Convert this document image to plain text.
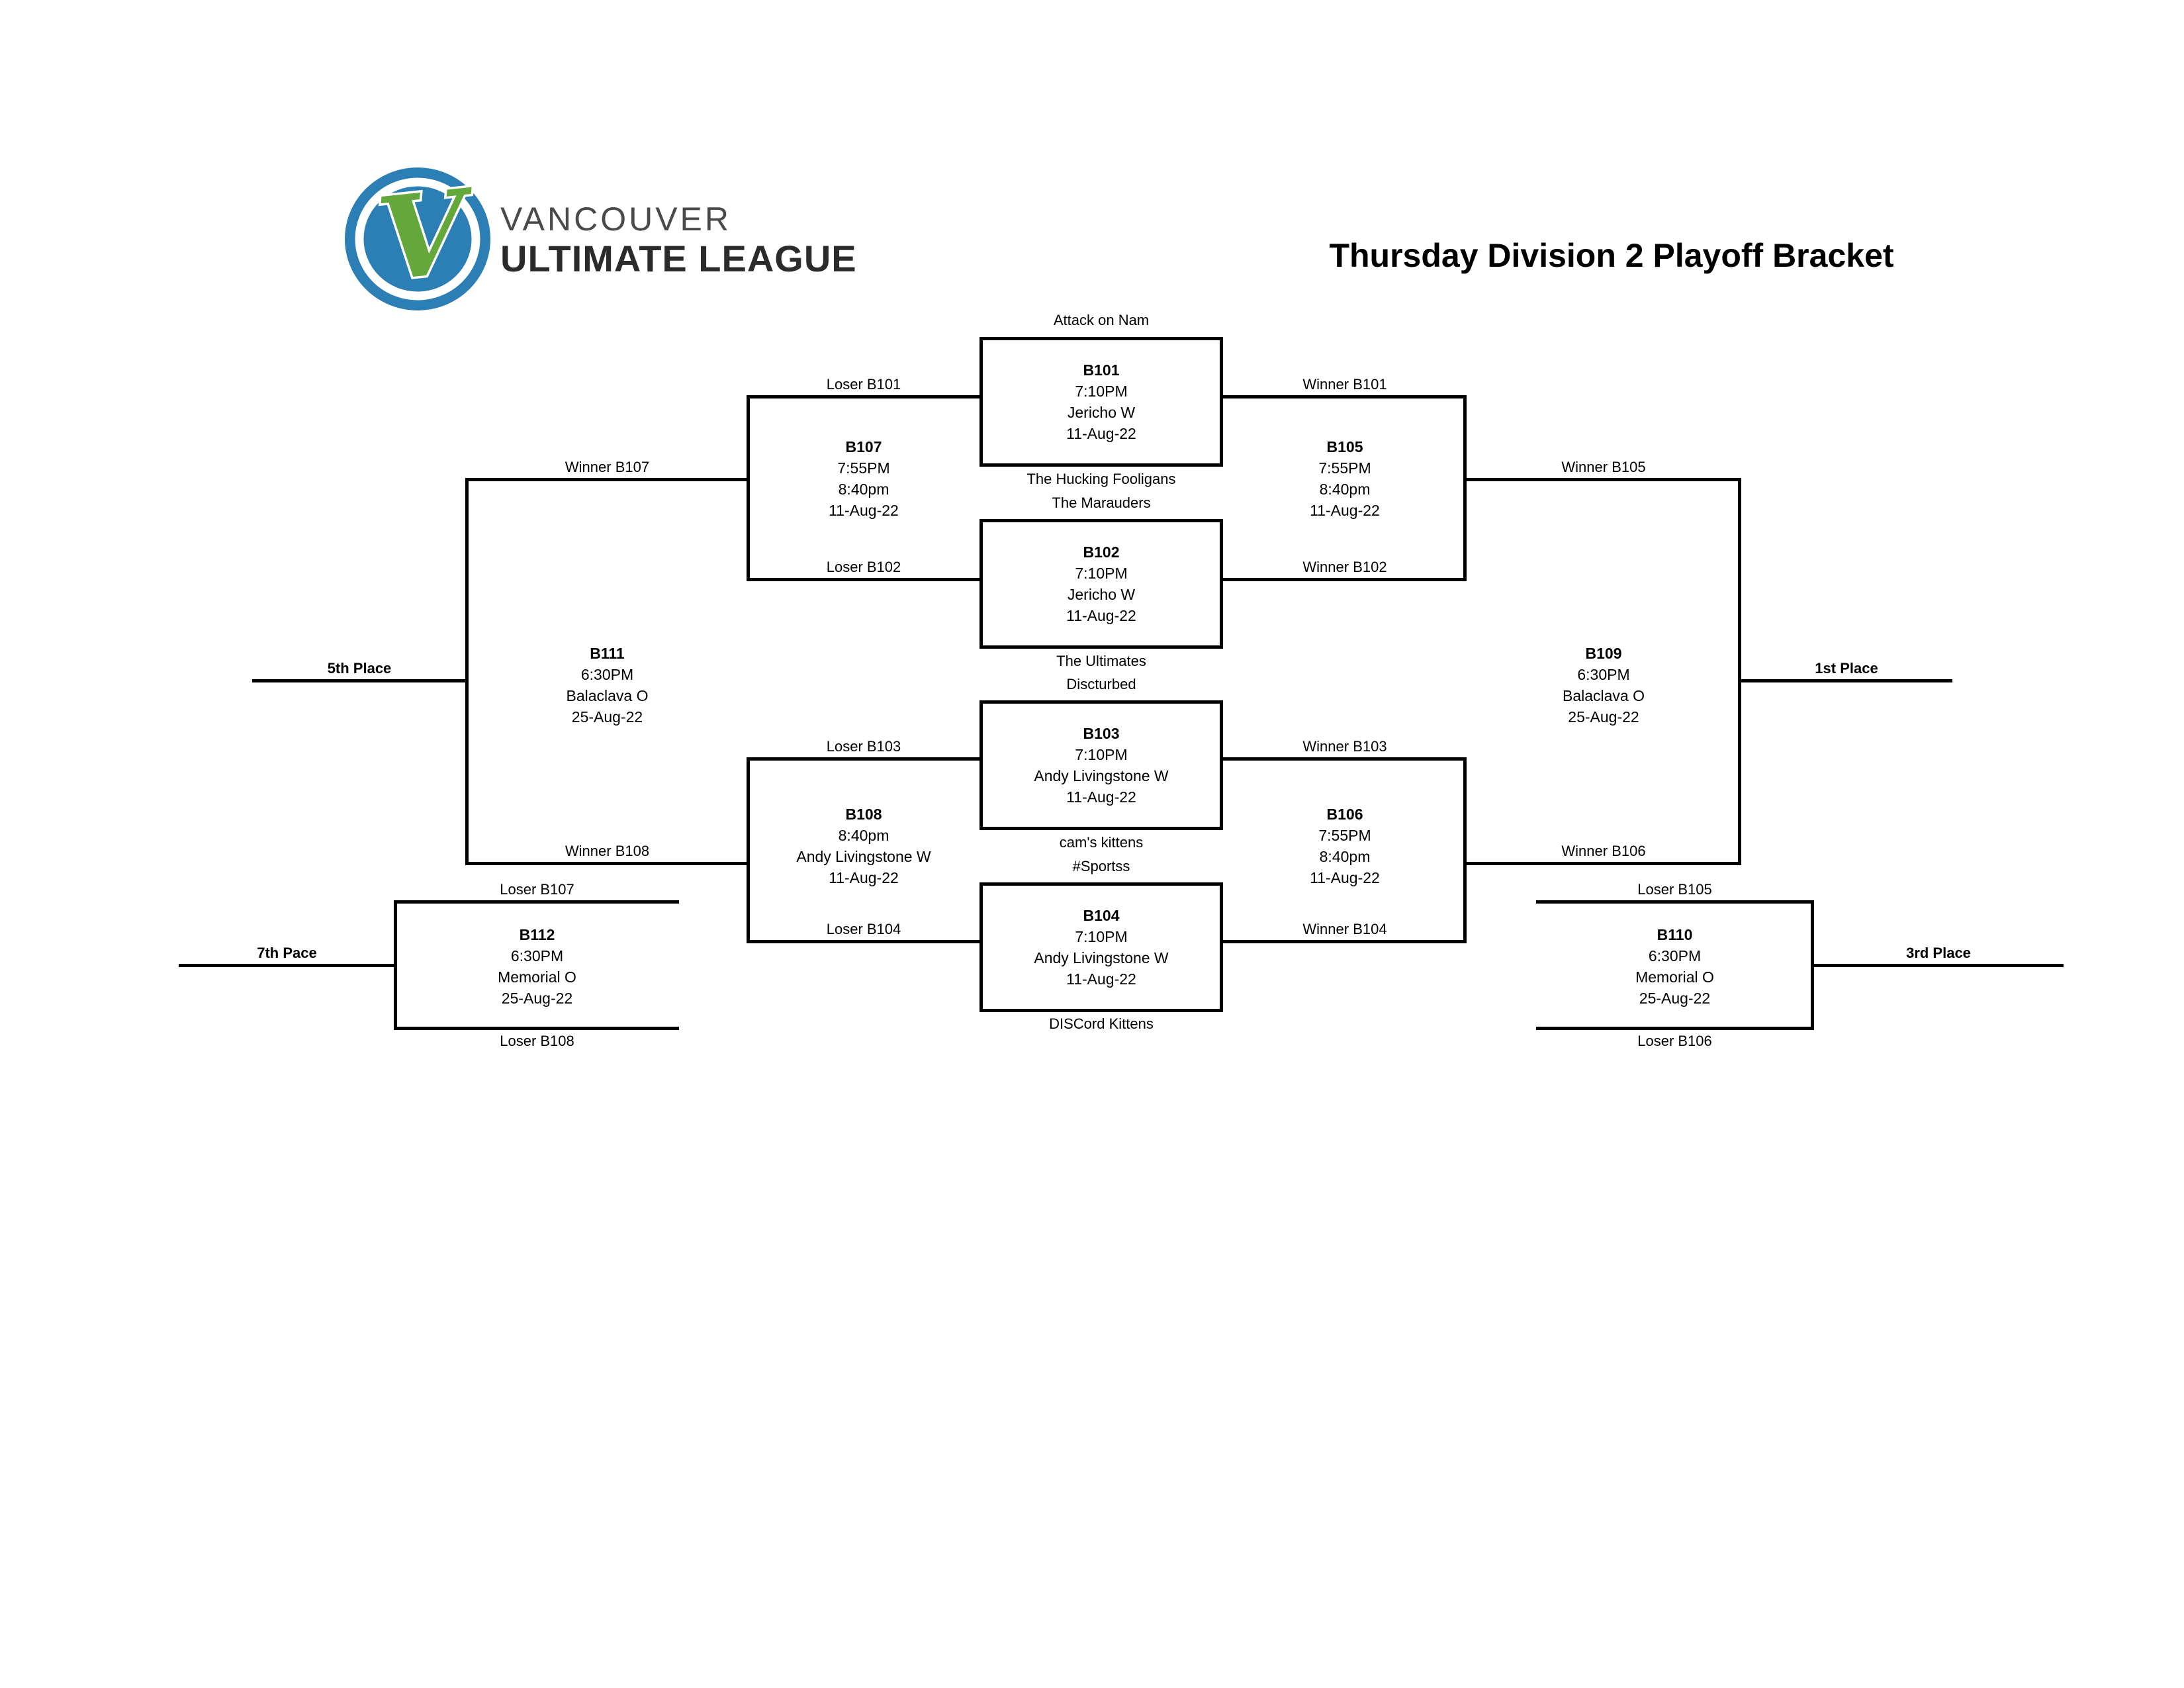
V VANCOUVER
ULTIMATE LEAGUE	Thursday Division 2 Playoff Bracket
B101
7:10PM
Jericho W
11-Aug-22
B102
7:10PM
Jericho W
11-Aug-22
B103
7:10PM
Andy Livingstone W
11-Aug-22
B104
7:10PM
Andy Livingstone W
11-Aug-22
Attack on Nam
The Hucking Fooligans
The Marauders
The Ultimates
Discturbed
cam's kittens
#Sportss
DISCord Kittens
B107
7:55PM
8:40pm
11-Aug-22
B105
7:55PM
8:40pm
11-Aug-22
B108
8:40pm
Andy Livingstone W
11-Aug-22
B106
7:55PM
8:40pm
11-Aug-22
B111
6:30PM
Balaclava O
25-Aug-22
B109
6:30PM
Balaclava O
25-Aug-22
B112
6:30PM
Memorial O
25-Aug-22
B110
6:30PM
Memorial O
25-Aug-22
Loser B101	Winner B101
Loser B102	Winner B102
Loser B103	Winner B103
Loser B104	Winner B104
Winner B107	Winner B105
Winner B108	Winner B106
Loser B107	Loser B105
Loser B108	Loser B106
5th Place	1st Place
7th Pace	3rd Place
